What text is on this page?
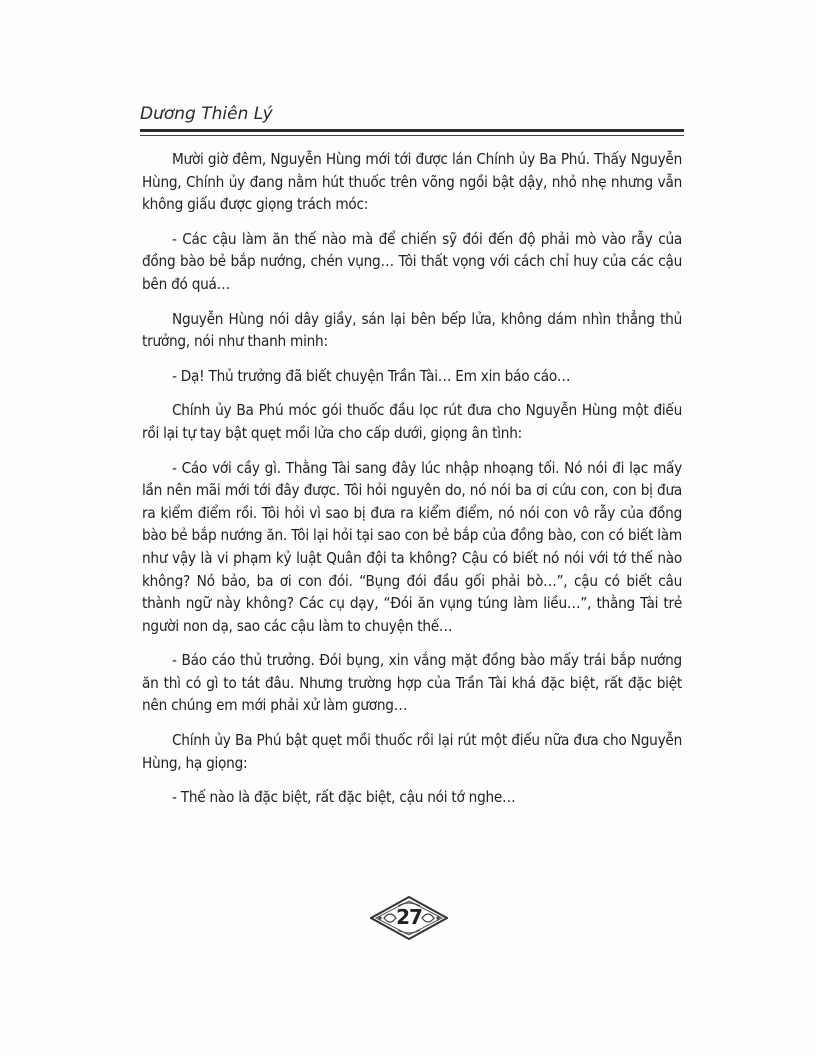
Dương Thiên Lý

Mười giờ đêm, Nguyễn Hùng mới tới được lán Chính ủy Ba Phú. Thấy Nguyễn Hùng, Chính ủy đang nằm hút thuốc trên võng ngồi bật dậy, nhỏ nhẹ nhưng vẫn không giấu được giọng trách móc:

- Các cậu làm ăn thế nào mà để chiến sỹ đói đến độ phải mò vào rẫy của đồng bào bẻ bắp nướng, chén vụng… Tôi thất vọng với cách chỉ huy của các cậu bên đó quá…

Nguyễn Hùng nói dây giầy, sán lại bên bếp lửa, không dám nhìn thẳng thủ trưởng, nói như thanh minh:

- Dạ! Thủ trưởng đã biết chuyện Trần Tài… Em xin báo cáo…

Chính ủy Ba Phú móc gói thuốc đầu lọc rút đưa cho Nguyễn Hùng một điếu rồi lại tự tay bật quẹt mồi lửa cho cấp dưới, giọng ân tình:

- Cáo với cầy gì. Thằng Tài sang đây lúc nhập nhoạng tối. Nó nói đi lạc mấy lần nên mãi mới tới đây được. Tôi hỏi nguyên do, nó nói ba ơi cứu con, con bị đưa ra kiểm điểm rồi. Tôi hỏi vì sao bị đưa ra kiểm điểm, nó nói con vô rẫy của đồng bào bẻ bắp nướng ăn. Tôi lại hỏi tại sao con bẻ bắp của đồng bào, con có biết làm như vậy là vi phạm kỷ luật Quân đội ta không? Cậu có biết nó nói với tớ thế nào không? Nó bảo, ba ơi con đói. “Bụng đói đầu gối phải bò…”, cậu có biết câu thành ngữ này không? Các cụ dạy, “Đói ăn vụng túng làm liều…”, thằng Tài trẻ người non dạ, sao các cậu làm to chuyện thế…

- Báo cáo thủ trưởng. Đói bụng, xin vắng mặt đồng bào mấy trái bắp nướng ăn thì có gì to tát đâu. Nhưng trường hợp của Trần Tài khá đặc biệt, rất đặc biệt nên chúng em mới phải xử làm gương…

Chính ủy Ba Phú bật quẹt mồi thuốc rồi lại rút một điếu nữa đưa cho Nguyễn Hùng, hạ giọng:

- Thế nào là đặc biệt, rất đặc biệt, cậu nói tớ nghe…

27
